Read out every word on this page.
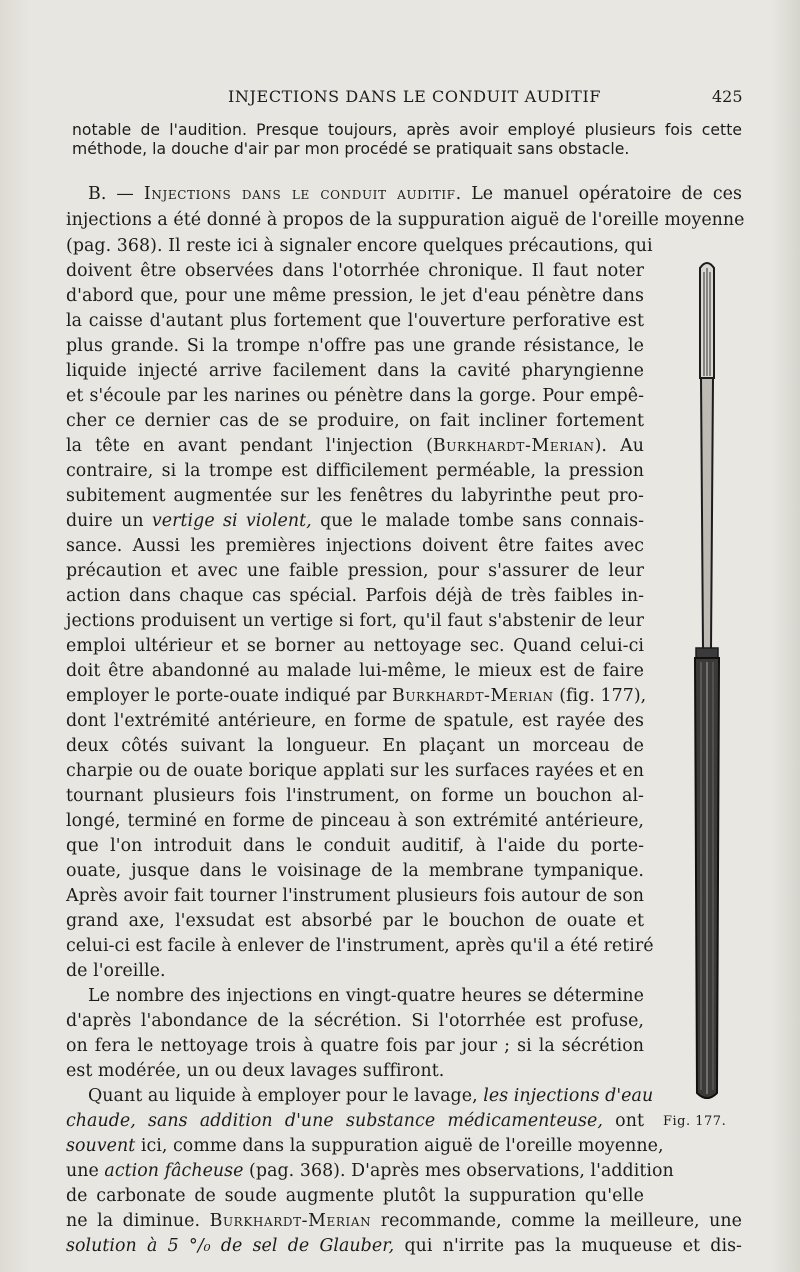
INJECTIONS DANS LE CONDUIT AUDITIF	425
notable de l'audition. Presque toujours, après avoir employé plusieurs fois cette
méthode, la douche d'air par mon procédé se pratiquait sans obstacle.
B. — Injections dans le conduit auditif. Le manuel opératoire de ces
injections a été donné à propos de la suppuration aiguë de l'oreille moyenne
(pag. 368). Il reste ici à signaler encore quelques précautions, qui
doivent être observées dans l'otorrhée chronique. Il faut noter
d'abord que, pour une même pression, le jet d'eau pénètre dans
la caisse d'autant plus fortement que l'ouverture perforative est
plus grande. Si la trompe n'offre pas une grande résistance, le
liquide injecté arrive facilement dans la cavité pharyngienne
et s'écoule par les narines ou pénètre dans la gorge. Pour empê-
cher ce dernier cas de se produire, on fait incliner fortement
la tête en avant pendant l'injection (Burkhardt-Merian). Au
contraire, si la trompe est difficilement perméable, la pression
subitement augmentée sur les fenêtres du labyrinthe peut pro-
duire un vertige si violent, que le malade tombe sans connais-
sance. Aussi les premières injections doivent être faites avec
précaution et avec une faible pression, pour s'assurer de leur
action dans chaque cas spécial. Parfois déjà de très faibles in-
jections produisent un vertige si fort, qu'il faut s'abstenir de leur
emploi ultérieur et se borner au nettoyage sec. Quand celui-ci
doit être abandonné au malade lui-même, le mieux est de faire
employer le porte-ouate indiqué par Burkhardt-Merian (fig. 177),
dont l'extrémité antérieure, en forme de spatule, est rayée des
deux côtés suivant la longueur. En plaçant un morceau de
charpie ou de ouate borique applati sur les surfaces rayées et en
tournant plusieurs fois l'instrument, on forme un bouchon al-
longé, terminé en forme de pinceau à son extrémité antérieure,
que l'on introduit dans le conduit auditif, à l'aide du porte-
ouate, jusque dans le voisinage de la membrane tympanique.
Après avoir fait tourner l'instrument plusieurs fois autour de son
grand axe, l'exsudat est absorbé par le bouchon de ouate et
celui-ci est facile à enlever de l'instrument, après qu'il a été retiré
de l'oreille.
Le nombre des injections en vingt-quatre heures se détermine
d'après l'abondance de la sécrétion. Si l'otorrhée est profuse,
on fera le nettoyage trois à quatre fois par jour ; si la sécrétion
est modérée, un ou deux lavages suffiront.
Quant au liquide à employer pour le lavage, les injections d'eau
chaude, sans addition d'une substance médicamenteuse, ont
souvent ici, comme dans la suppuration aiguë de l'oreille moyenne,
une action fâcheuse (pag. 368). D'après mes observations, l'addition
de carbonate de soude augmente plutôt la suppuration qu'elle
ne la diminue. Burkhardt-Merian recommande, comme la meilleure, une
solution à 5 °/₀ de sel de Glauber, qui n'irrite pas la muqueuse et dis-
Fig. 177.
